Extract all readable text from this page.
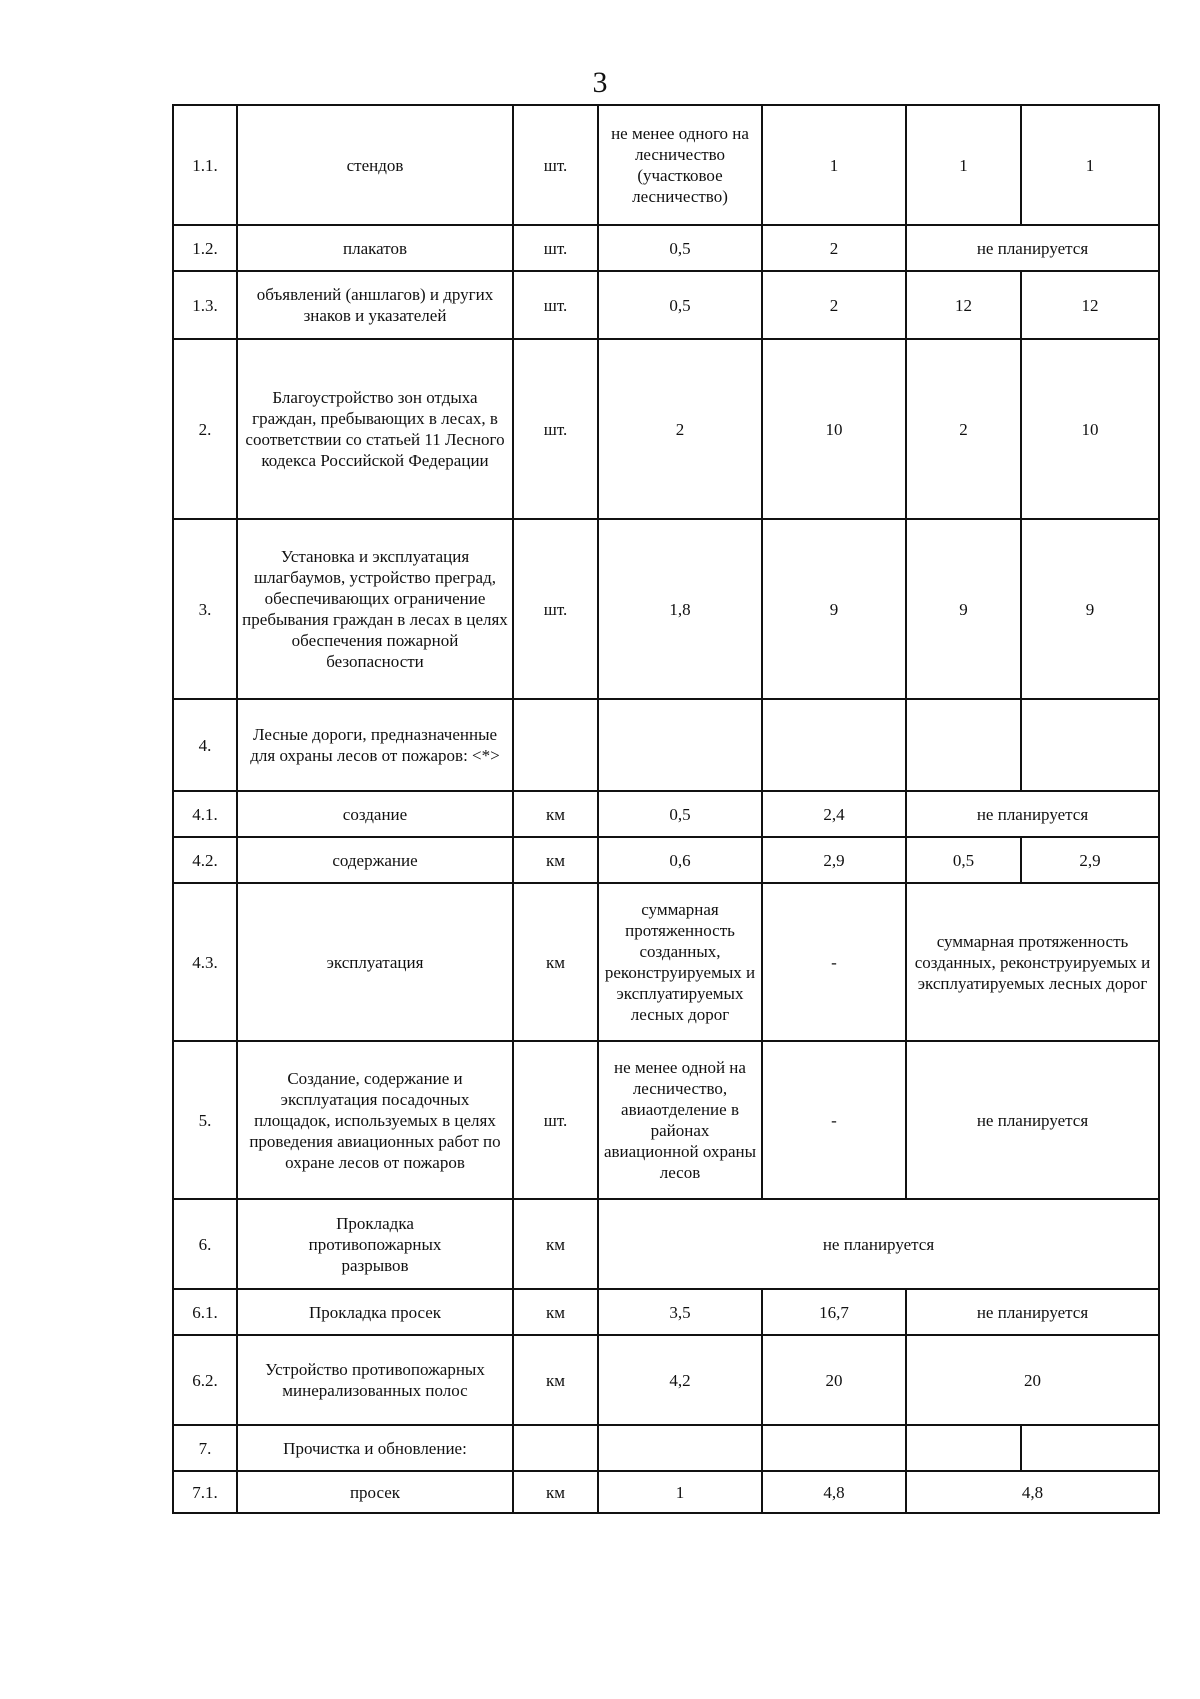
3
1.1.	стендов	шт.	не менее одного на лесничество (участковое лесничество)	1	1	1
1.2.	плакатов	шт.	0,5	2	не планируется	
1.3.	объявлений (аншлагов) и других знаков и указателей	шт.	0,5	2	12	12
2.	Благоустройство зон отдыха граждан, пребывающих в лесах, в соответствии со статьей 11 Лесного кодекса Российской Федерации	шт.	2	10	2	10
3.	Установка и эксплуатация шлагбаумов, устройство преград, обеспечивающих ограничение пребывания граждан в лесах в целях обеспечения пожарной безопасности	шт.	1,8	9	9	9
4.	Лесные дороги, предназначенные для охраны лесов от пожаров: <*>					
4.1.	создание	км	0,5	2,4	не планируется	
4.2.	содержание	км	0,6	2,9	0,5	2,9
4.3.	эксплуатация	км	суммарная протяженность созданных, реконструируемых и эксплуатируемых лесных дорог	-	суммарная протяженность созданных, реконструируемых и эксплуатируемых лесных дорог	
5.	Создание, содержание и эксплуатация посадочных площадок, используемых в целях проведения авиационных работ по охране лесов от пожаров	шт.	не менее одной на лесничество, авиаотделение в районах авиационной охраны лесов	-	не планируется	
6.	Прокладка противопожарных разрывов	км	не планируется			
6.1.	Прокладка просек	км	3,5	16,7	не планируется	
6.2.	Устройство противопожарных минерализованных полос	км	4,2	20	20	
7.	Прочистка и обновление:					
7.1.	просек	км	1	4,8	4,8	
